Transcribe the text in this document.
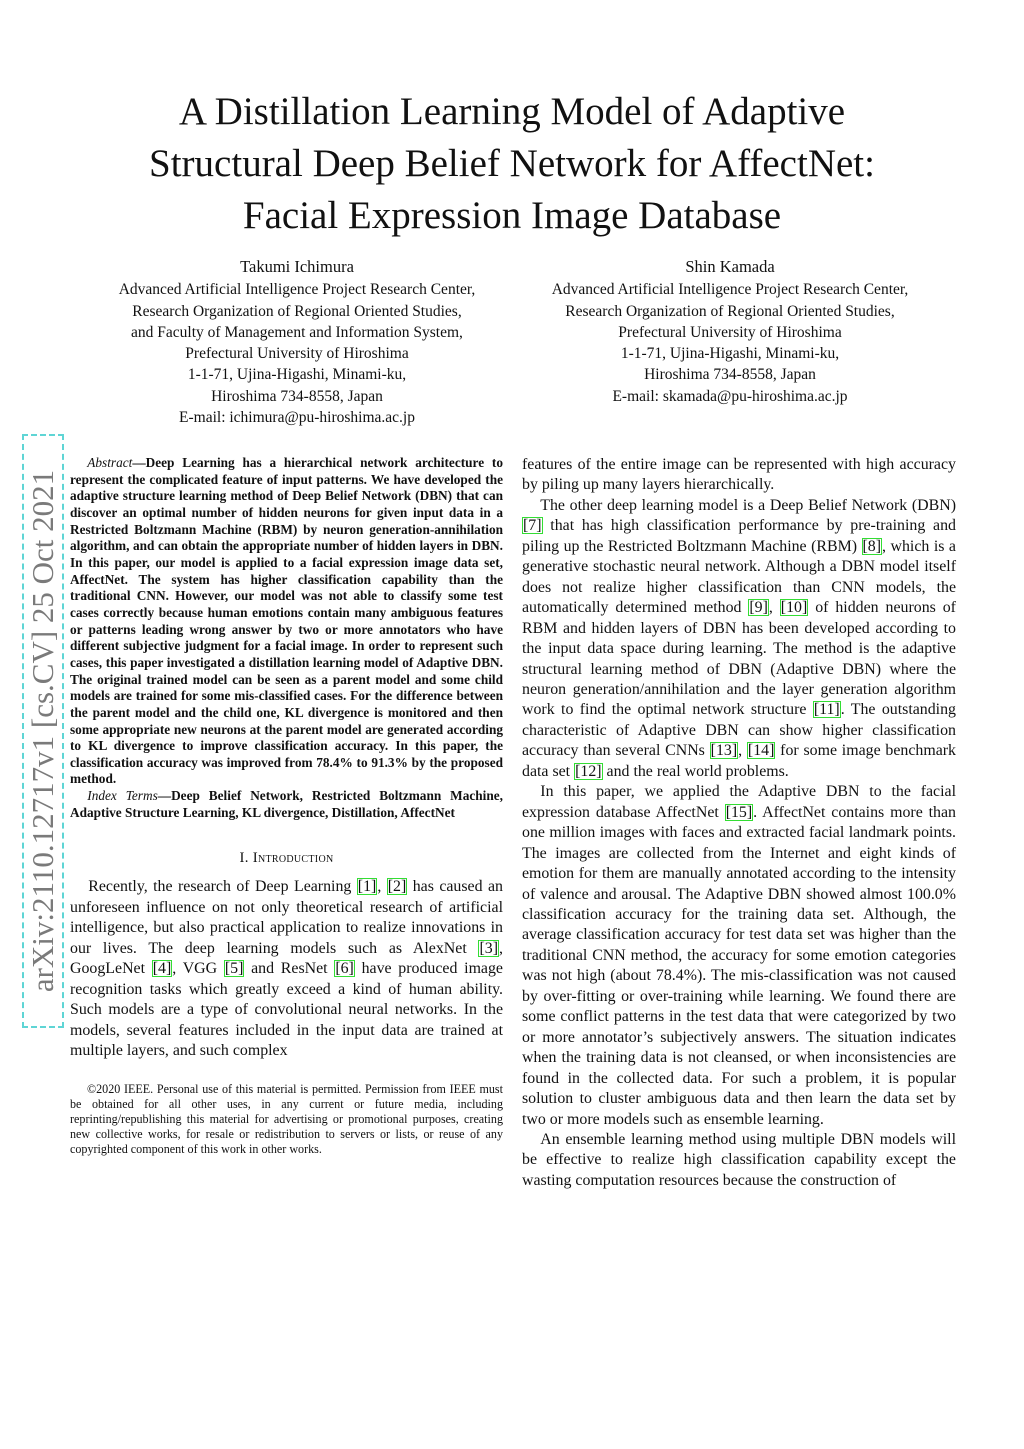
A Distillation Learning Model of Adaptive
Structural Deep Belief Network for AffectNet:
Facial Expression Image Database
Takumi Ichimura
Advanced Artificial Intelligence Project Research Center,
Research Organization of Regional Oriented Studies,
and Faculty of Management and Information System,
Prefectural University of Hiroshima
1-1-71, Ujina-Higashi, Minami-ku,
Hiroshima 734-8558, Japan
E-mail: ichimura@pu-hiroshima.ac.jp
Shin Kamada
Advanced Artificial Intelligence Project Research Center,
Research Organization of Regional Oriented Studies,
Prefectural University of Hiroshima
1-1-71, Ujina-Higashi, Minami-ku,
Hiroshima 734-8558, Japan
E-mail: skamada@pu-hiroshima.ac.jp
arXiv:2110.12717v1 [cs.CV] 25 Oct 2021

Abstract—Deep Learning has a hierarchical network architecture to represent the complicated feature of input patterns. We have developed the adaptive structure learning method of Deep Belief Network (DBN) that can discover an optimal number of hidden neurons for given input data in a Restricted Boltzmann Machine (RBM) by neuron generation-annihilation algorithm, and can obtain the appropriate number of hidden layers in DBN. In this paper, our model is applied to a facial expression image data set, AffectNet. The system has higher classification capability than the traditional CNN. However, our model was not able to classify some test cases correctly because human emotions contain many ambiguous features or patterns leading wrong answer by two or more annotators who have different subjective judgment for a facial image. In order to represent such cases, this paper investigated a distillation learning model of Adaptive DBN. The original trained model can be seen as a parent model and some child models are trained for some mis-classified cases. For the difference between the parent model and the child one, KL divergence is monitored and then some appropriate new neurons at the parent model are generated according to KL divergence to improve classification accuracy. In this paper, the classification accuracy was improved from 78.4% to 91.3% by the proposed method.

Index Terms—Deep Belief Network, Restricted Boltzmann Machine, Adaptive Structure Learning, KL divergence, Distillation, AffectNet

I. Introduction

Recently, the research of Deep Learning [1], [2] has caused an unforeseen influence on not only theoretical research of artificial intelligence, but also practical application to realize innovations in our lives. The deep learning models such as AlexNet [3], GoogLeNet [4], VGG [5] and ResNet [6] have produced image recognition tasks which greatly exceed a kind of human ability. Such models are a type of convolutional neural networks. In the models, several features included in the input data are trained at multiple layers, and such complex

©2020 IEEE. Personal use of this material is permitted. Permission from IEEE must be obtained for all other uses, in any current or future media, including reprinting/republishing this material for advertising or promotional purposes, creating new collective works, for resale or redistribution to servers or lists, or reuse of any copyrighted component of this work in other works.

features of the entire image can be represented with high accuracy by piling up many layers hierarchically.

The other deep learning model is a Deep Belief Network (DBN) [7] that has high classification performance by pre-training and piling up the Restricted Boltzmann Machine (RBM) [8], which is a generative stochastic neural network. Although a DBN model itself does not realize higher classification than CNN models, the automatically determined method [9], [10] of hidden neurons of RBM and hidden layers of DBN has been developed according to the input data space during learning. The method is the adaptive structural learning method of DBN (Adaptive DBN) where the neuron generation/annihilation and the layer generation algorithm work to find the optimal network structure [11]. The outstanding characteristic of Adaptive DBN can show higher classification accuracy than several CNNs [13], [14] for some image benchmark data set [12] and the real world problems.

In this paper, we applied the Adaptive DBN to the facial expression database AffectNet [15]. AffectNet contains more than one million images with faces and extracted facial landmark points. The images are collected from the Internet and eight kinds of emotion for them are manually annotated according to the intensity of valence and arousal. The Adaptive DBN showed almost 100.0% classification accuracy for the training data set. Although, the average classification accuracy for test data set was higher than the traditional CNN method, the accuracy for some emotion categories was not high (about 78.4%). The mis-classification was not caused by over-fitting or over-training while learning. We found there are some conflict patterns in the test data that were categorized by two or more annotator’s subjectively answers. The situation indicates when the training data is not cleansed, or when inconsistencies are found in the collected data. For such a problem, it is popular solution to cluster ambiguous data and then learn the data set by two or more models such as ensemble learning.

An ensemble learning method using multiple DBN models will be effective to realize high classification capability except the wasting computation resources because the construction of
